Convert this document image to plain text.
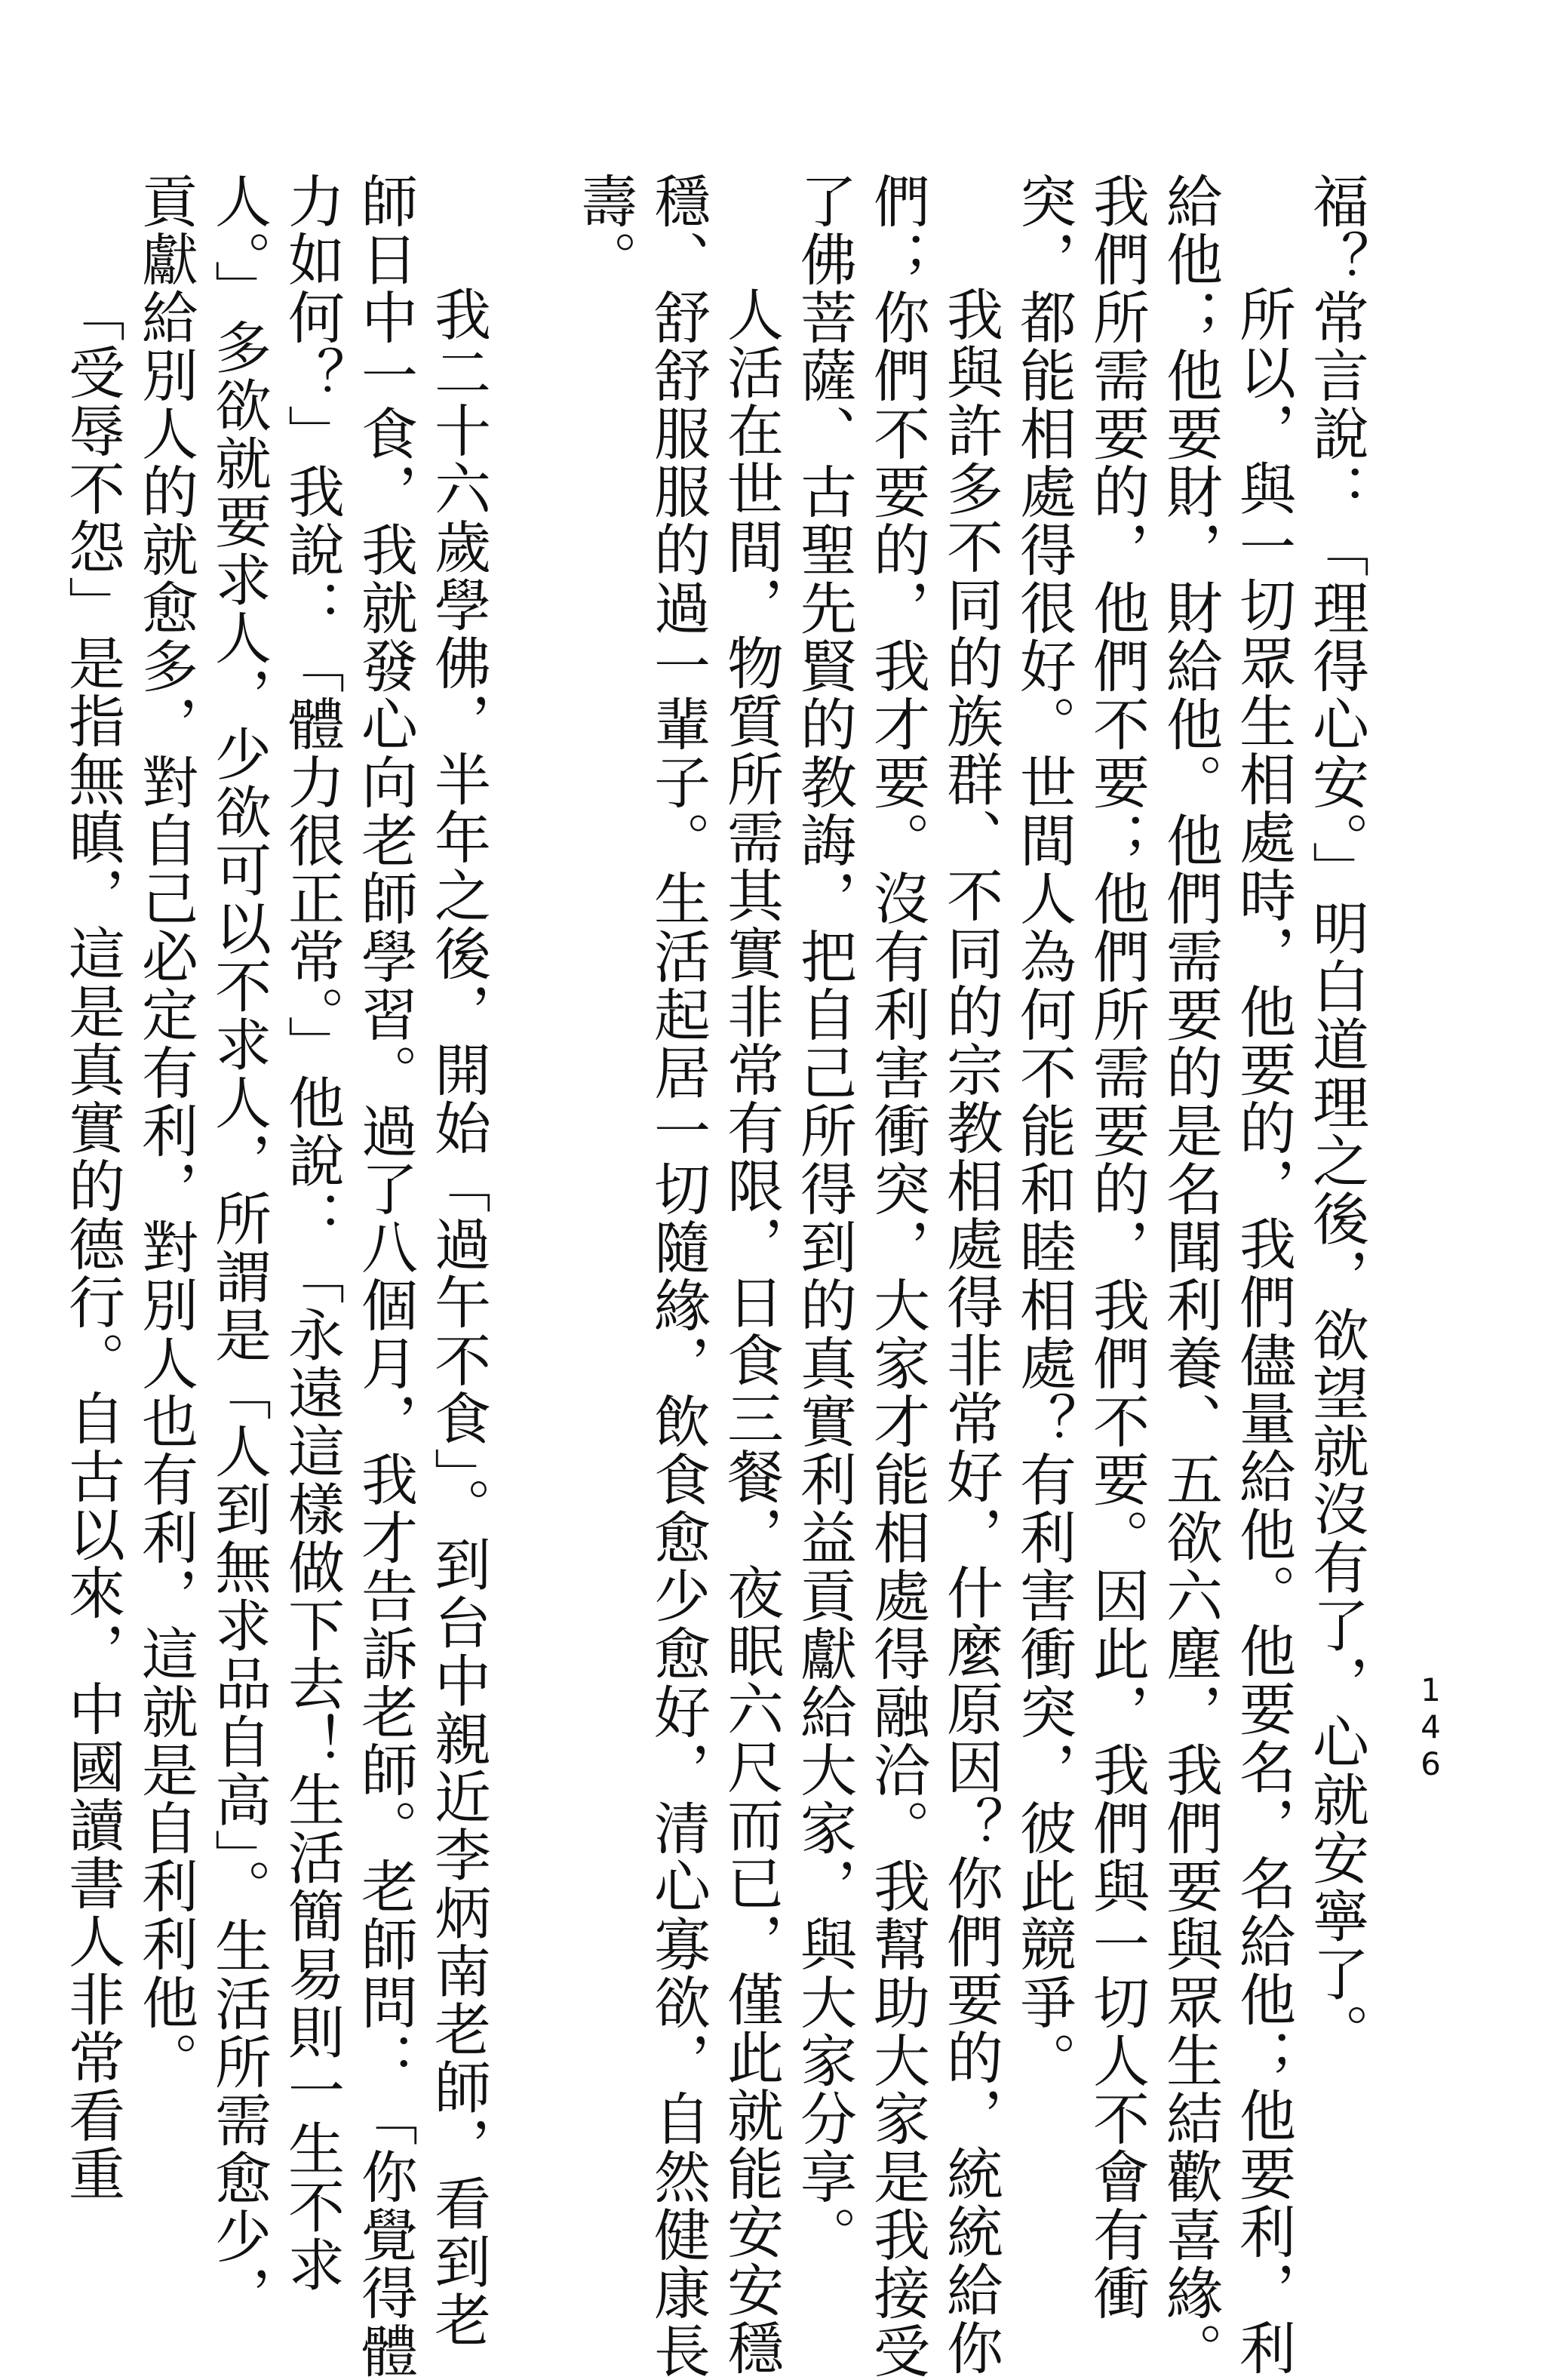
146
福？常言說：「理得心安。」明白道理之後，欲望就沒有了，心就安寧了。
所以，與一切眾生相處時，他要的，我們儘量給他。他要名，名給他；他要利，利
給他；他要財，財給他。他們需要的是名聞利養、五欲六塵，我們要與眾生結歡喜緣。
我們所需要的，他們不要；他們所需要的，我們不要。因此，我們與一切人不會有衝
突，都能相處得很好。世間人為何不能和睦相處？有利害衝突，彼此競爭。
我與許多不同的族群、不同的宗教相處得非常好，什麼原因？你們要的，統統給你
們；你們不要的，我才要。沒有利害衝突，大家才能相處得融洽。我幫助大家是我接受
了佛菩薩、古聖先賢的教誨，把自己所得到的真實利益貢獻給大家，與大家分享。
人活在世間，物質所需其實非常有限，日食三餐，夜眠六尺而已，僅此就能安安穩
穩、舒舒服服的過一輩子。生活起居一切隨緣，飲食愈少愈好，清心寡欲，自然健康長
壽。
我二十六歲學佛，半年之後，開始「過午不食」。到台中親近李炳南老師，看到老
師日中一食，我就發心向老師學習。過了八個月，我才告訴老師。老師問：「你覺得體
力如何？」我說：「體力很正常。」他說：「永遠這樣做下去！生活簡易則一生不求
人。」多欲就要求人，少欲可以不求人，所謂是「人到無求品自高」。生活所需愈少，
貢獻給別人的就愈多，對自己必定有利，對別人也有利，這就是自利利他。
「受辱不怨」是指無瞋，這是真實的德行。自古以來，中國讀書人非常看重
